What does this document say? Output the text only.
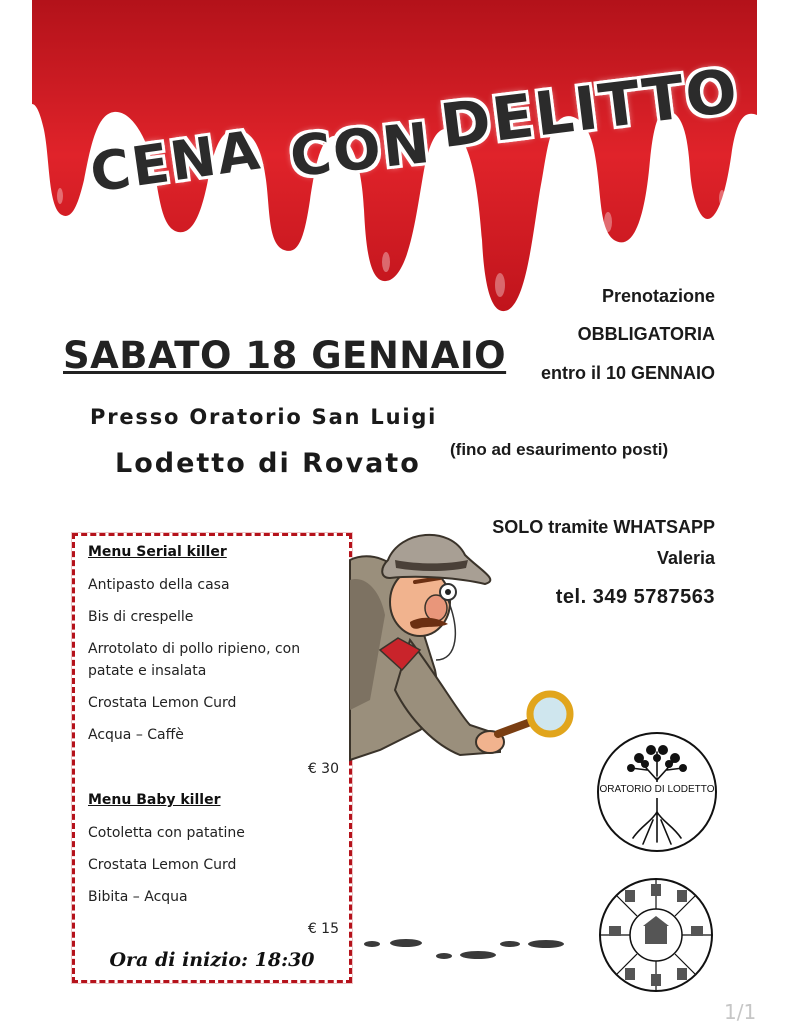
CENA CON DELITTO

Prenotazione

OBBLIGATORIA

entro il 10 GENNAIO

SABATO 18 GENNAIO

Presso Oratorio San Luigi

Lodetto di Rovato (fino ad esaurimento posti)

SOLO tramite WHATSAPP

Valeria

tel. 349 5787563

Menu Serial killer

Antipasto della casa

Bis di crespelle

Arrotolato di pollo ripieno, con patate e insalata

Crostata Lemon Curd

Acqua – Caffè

€ 30

Menu Baby killer

Cotoletta con patatine

Crostata Lemon Curd

Bibita – Acqua

€ 15

Ora di inizio: 18:30

ORATORIO DI LODETTO

1/1
